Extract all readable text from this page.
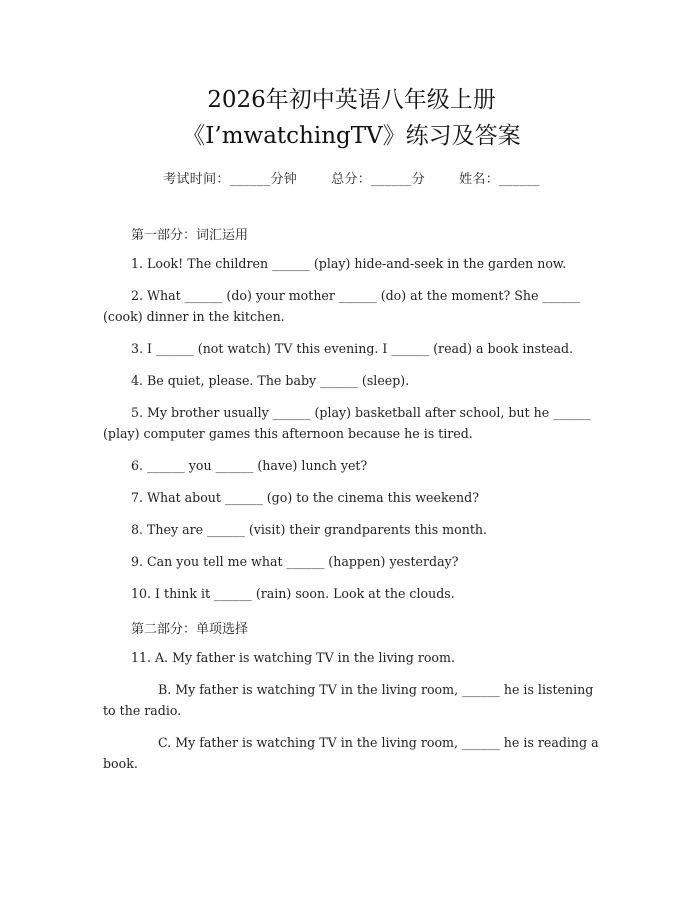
2026年初中英语八年级上册
《I’mwatchingTV》练习及答案
考试时间：______分钟	总分：______分	姓名：______
第一部分：词汇运用
1. Look! The children ______ (play) hide-and-seek in the garden now.
2. What ______ (do) your mother ______ (do) at the moment? She ______ (cook) dinner in the kitchen.
3. I ______ (not watch) TV this evening. I ______ (read) a book instead.
4. Be quiet, please. The baby ______ (sleep).
5. My brother usually ______ (play) basketball after school, but he ______ (play) computer games this afternoon because he is tired.
6. ______ you ______ (have) lunch yet?
7. What about ______ (go) to the cinema this weekend?
8. They are ______ (visit) their grandparents this month.
9. Can you tell me what ______ (happen) yesterday?
10. I think it ______ (rain) soon. Look at the clouds.
第二部分：单项选择
11. A. My father is watching TV in the living room.
B. My father is watching TV in the living room, ______ he is listening to the radio.
C. My father is watching TV in the living room, ______ he is reading a book.
